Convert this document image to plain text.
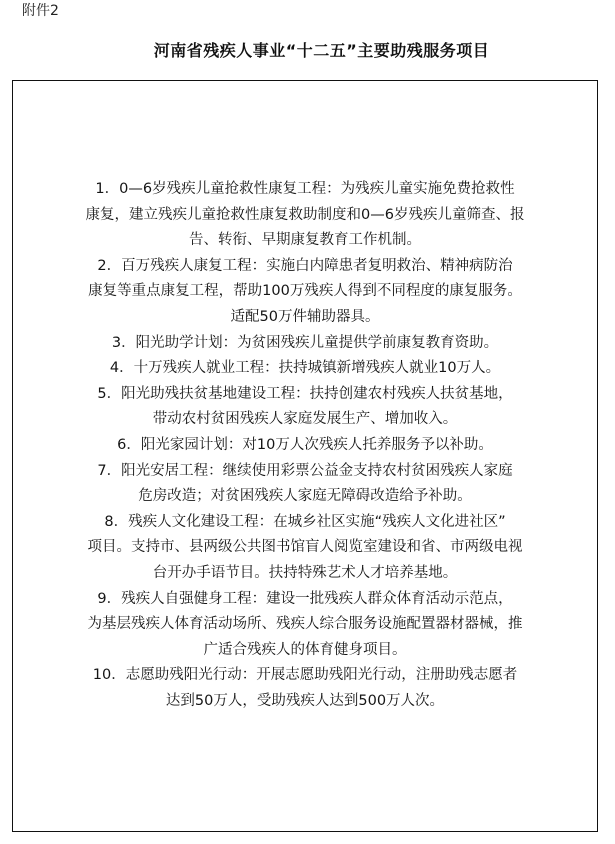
附件2
河南省残疾人事业“十二五”主要助残服务项目

1．0—6岁残疾儿童抢救性康复工程：为残疾儿童实施免费抢救性
康复，建立残疾儿童抢救性康复救助制度和0—6岁残疾儿童筛查、报
告、转衔、早期康复教育工作机制。

2．百万残疾人康复工程：实施白内障患者复明救治、精神病防治
康复等重点康复工程，帮助100万残疾人得到不同程度的康复服务。
适配50万件辅助器具。

3．阳光助学计划：为贫困残疾儿童提供学前康复教育资助。

4．十万残疾人就业工程：扶持城镇新增残疾人就业10万人。

5．阳光助残扶贫基地建设工程：扶持创建农村残疾人扶贫基地，
带动农村贫困残疾人家庭发展生产、增加收入。

6．阳光家园计划：对10万人次残疾人托养服务予以补助。

7．阳光安居工程：继续使用彩票公益金支持农村贫困残疾人家庭
危房改造；对贫困残疾人家庭无障碍改造给予补助。

8．残疾人文化建设工程：在城乡社区实施“残疾人文化进社区”
项目。支持市、县两级公共图书馆盲人阅览室建设和省、市两级电视
台开办手语节目。扶持特殊艺术人才培养基地。

9．残疾人自强健身工程：建设一批残疾人群众体育活动示范点，
为基层残疾人体育活动场所、残疾人综合服务设施配置器材器械，推
广适合残疾人的体育健身项目。

10．志愿助残阳光行动：开展志愿助残阳光行动，注册助残志愿者
达到50万人，受助残疾人达到500万人次。
